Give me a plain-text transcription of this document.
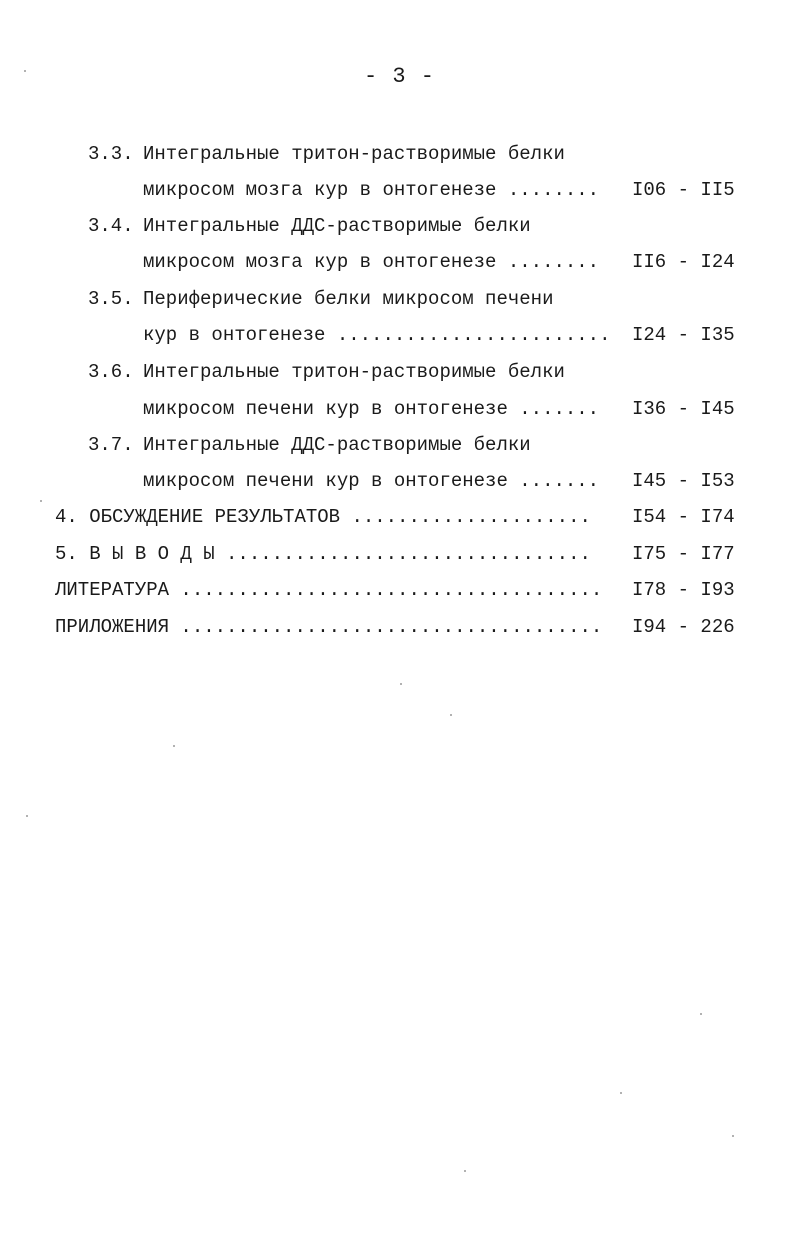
- 3 -
3.3. Интегральные тритон-растворимые белки
микросом мозга кур в онтогенезе ........ I06 - II5
3.4. Интегральные ДДС-растворимые белки
микросом мозга кур в онтогенезе ........ II6 - I24
3.5. Периферические белки микросом печени
кур в онтогенезе ........................ I24 - I35
3.6. Интегральные тритон-растворимые белки
микросом печени кур в онтогенезе ....... I36 - I45
3.7. Интегральные ДДС-растворимые белки
микросом печени кур в онтогенезе ....... I45 - I53
4. ОБСУЖДЕНИЕ РЕЗУЛЬТАТОВ ..................... I54 - I74
5. В Ы В О Д Ы ................................ I75 - I77
ЛИТЕРАТУРА ..................................... I78 - I93
ПРИЛОЖЕНИЯ ..................................... I94 - 226
